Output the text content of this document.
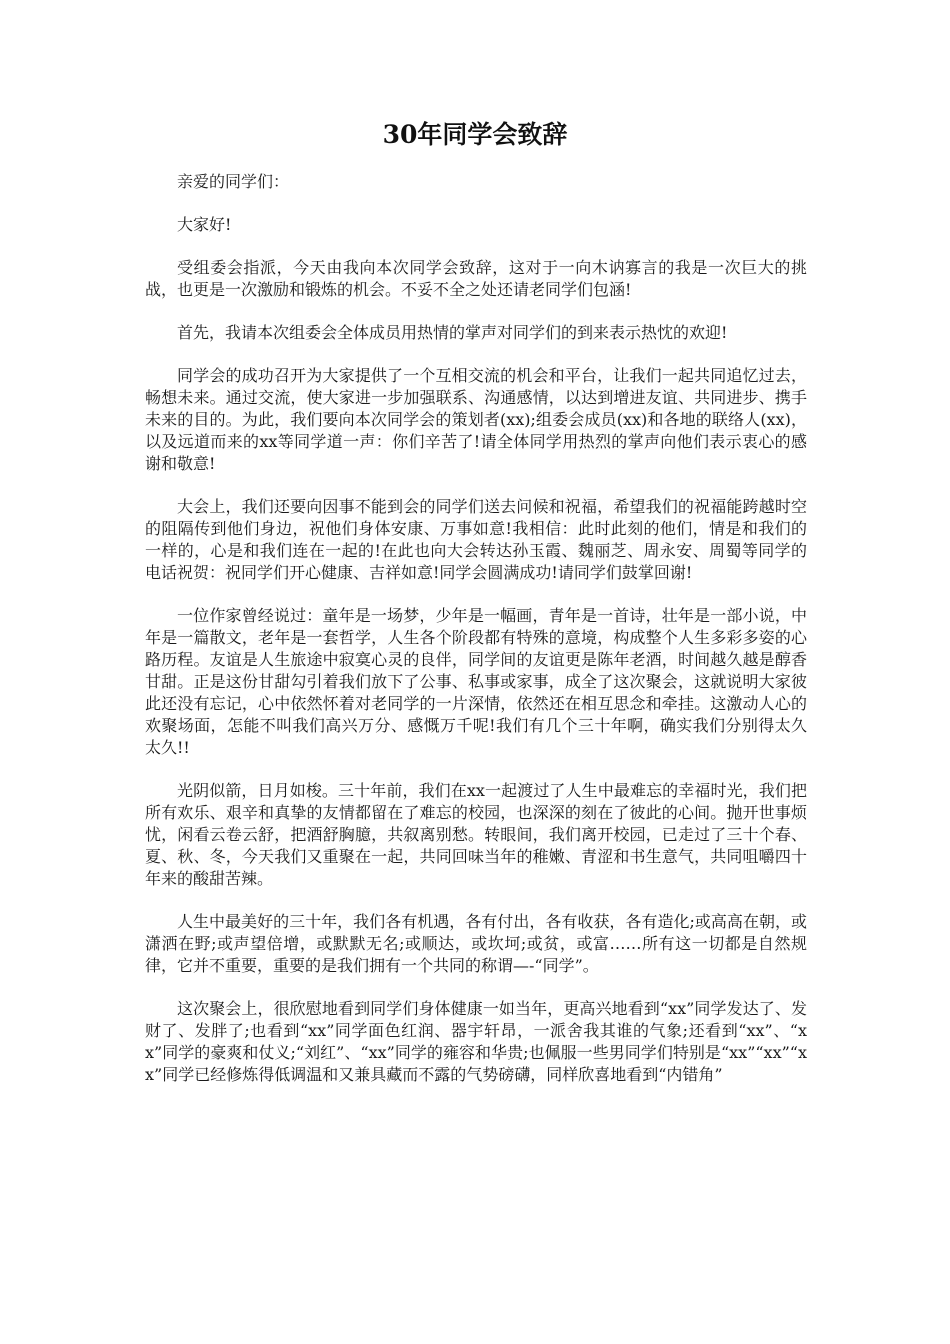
30年同学会致辞

亲爱的同学们：

大家好!

受组委会指派，今天由我向本次同学会致辞，这对于一向木讷寡言的我是一次巨大的挑战，也更是一次激励和锻炼的机会。不妥不全之处还请老同学们包涵!

首先，我请本次组委会全体成员用热情的掌声对同学们的到来表示热忱的欢迎!

同学会的成功召开为大家提供了一个互相交流的机会和平台，让我们一起共同追忆过去，畅想未来。通过交流，使大家进一步加强联系、沟通感情，以达到增进友谊、共同进步、携手未来的目的。为此，我们要向本次同学会的策划者(xx);组委会成员(xx)和各地的联络人(xx)，以及远道而来的xx等同学道一声：你们辛苦了!请全体同学用热烈的掌声向他们表示衷心的感谢和敬意!

大会上，我们还要向因事不能到会的同学们送去问候和祝福，希望我们的祝福能跨越时空的阻隔传到他们身边，祝他们身体安康、万事如意!我相信：此时此刻的他们，情是和我们的一样的，心是和我们连在一起的!在此也向大会转达孙玉霞、魏丽芝、周永安、周蜀等同学的电话祝贺：祝同学们开心健康、吉祥如意!同学会圆满成功!请同学们鼓掌回谢!

一位作家曾经说过：童年是一场梦，少年是一幅画，青年是一首诗，壮年是一部小说，中年是一篇散文，老年是一套哲学，人生各个阶段都有特殊的意境，构成整个人生多彩多姿的心路历程。友谊是人生旅途中寂寞心灵的良伴，同学间的友谊更是陈年老酒，时间越久越是醇香甘甜。正是这份甘甜勾引着我们放下了公事、私事或家事，成全了这次聚会，这就说明大家彼此还没有忘记，心中依然怀着对老同学的一片深情，依然还在相互思念和牵挂。这激动人心的欢聚场面，怎能不叫我们高兴万分、感慨万千呢!我们有几个三十年啊，确实我们分别得太久太久!!

光阴似箭，日月如梭。三十年前，我们在xx一起渡过了人生中最难忘的幸福时光，我们把所有欢乐、艰辛和真挚的友情都留在了难忘的校园，也深深的刻在了彼此的心间。抛开世事烦忧，闲看云卷云舒，把酒舒胸臆，共叙离别愁。转眼间，我们离开校园，已走过了三十个春、夏、秋、冬，今天我们又重聚在一起，共同回味当年的稚嫩、青涩和书生意气，共同咀嚼四十年来的酸甜苦辣。

人生中最美好的三十年，我们各有机遇，各有付出，各有收获，各有造化;或高高在朝，或潇洒在野;或声望倍增，或默默无名;或顺达，或坎坷;或贫，或富……所有这一切都是自然规律，它并不重要，重要的是我们拥有一个共同的称谓—-“同学”。

这次聚会上，很欣慰地看到同学们身体健康一如当年，更高兴地看到“xx”同学发达了、发财了、发胖了;也看到“xx”同学面色红润、器宇轩昂，一派舍我其谁的气象;还看到“xx”、“xx”同学的豪爽和仗义;“刘红”、“xx”同学的雍容和华贵;也佩服一些男同学们特别是“xx”“xx”“xx”同学已经修炼得低调温和又兼具藏而不露的气势磅礴，同样欣喜地看到“内错角”
